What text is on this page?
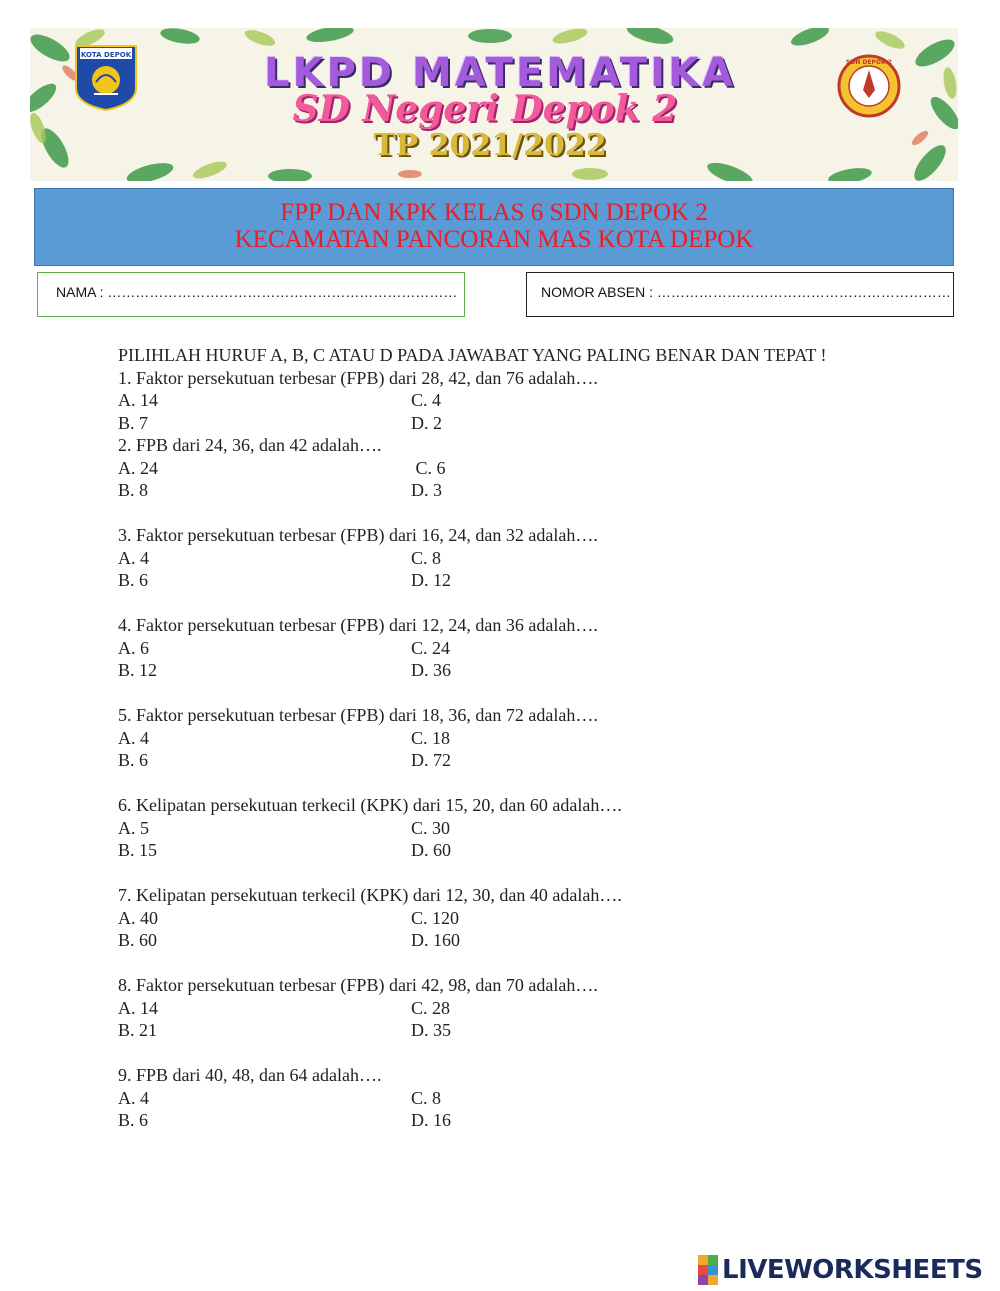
KOTA DEPOK
SDN DEPOK 2
LKPD MATEMATIKA
SD Negeri Depok 2
TP 2021/2022
FPP DAN KPK KELAS 6 SDN DEPOK 2
KECAMATAN PANCORAN MAS KOTA DEPOK
NAMA : …………………………………………………………………	NOMOR ABSEN : ………………………………………………………

PILIHLAH HURUF A, B, C ATAU D PADA JAWABAT YANG PALING BENAR DAN TEPAT !

1. Faktor persekutuan terbesar (FPB) dari 28, 42, dan 76 adalah….

A. 14	C. 4
B. 7	D. 2

2. FPB dari 24, 36, dan 42 adalah….

A. 24	C. 6
B. 8	D. 3

3. Faktor persekutuan terbesar (FPB) dari 16, 24, dan 32 adalah….

A. 4	C. 8
B. 6	D. 12

4. Faktor persekutuan terbesar (FPB) dari 12, 24, dan 36 adalah….

A. 6	C. 24
B. 12	D. 36

5. Faktor persekutuan terbesar (FPB) dari 18, 36, dan 72 adalah….

A. 4	C. 18
B. 6	D. 72

6. Kelipatan persekutuan terkecil (KPK) dari 15, 20, dan 60 adalah….

A. 5	C. 30
B. 15	D. 60

7. Kelipatan persekutuan terkecil (KPK) dari 12, 30, dan 40 adalah….

A. 40	C. 120
B. 60	D. 160

8. Faktor persekutuan terbesar (FPB) dari 42, 98, dan 70 adalah….

A. 14	C. 28
B. 21	D. 35

9. FPB dari 40, 48, dan 64 adalah….

A. 4	C. 8
B. 6	D. 16
LIVEWORKSHEETS
